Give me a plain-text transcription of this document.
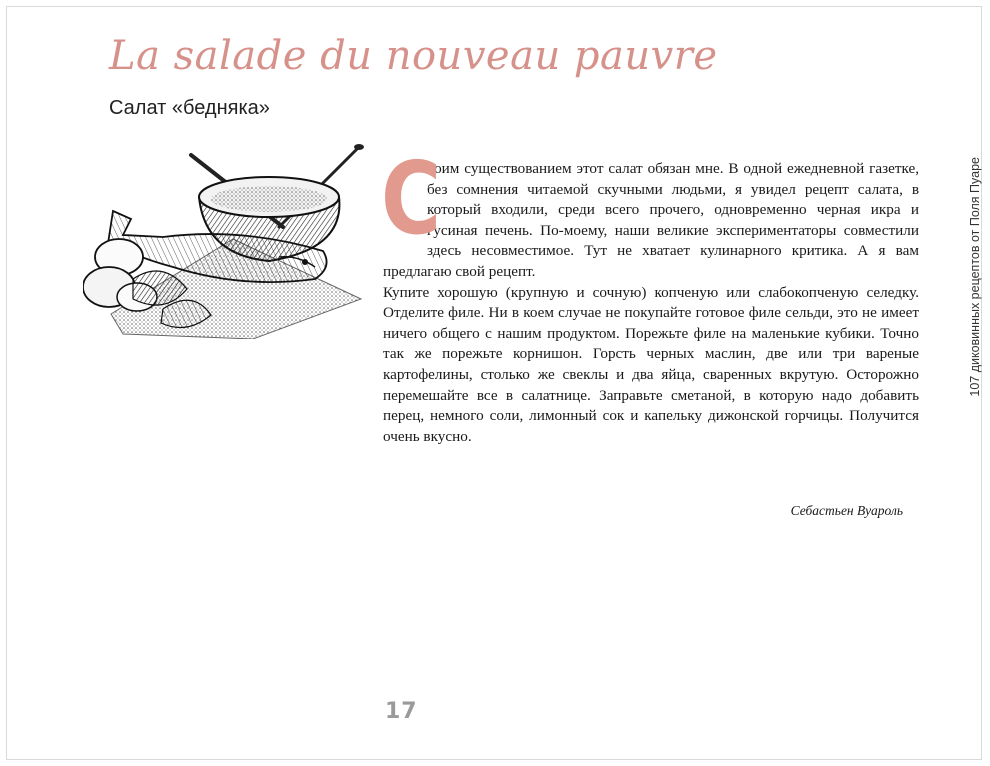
La salade du nouveau pauvre
Салат «бедняка»
С

воим существованием этот салат обязан мне. В одной ежедневной газетке, без сомнения читаемой скучными людьми, я увидел рецепт салата, в который входили, среди всего прочего, одновременно черная икра и гусиная печень. По-моему, наши великие экспериментаторы совместили здесь несовместимое. Тут не хватает кулинарного критика. А я вам предлагаю свой рецепт.

Купите хорошую (крупную и сочную) копченую или слабокопченую селедку. Отделите филе. Ни в коем случае не покупайте готовое филе сельди, это не имеет ничего общего с нашим продуктом. Порежьте филе на маленькие кубики. Точно так же порежьте корнишон. Горсть черных маслин, две или три вареные картофелины, столько же свеклы и два яйца, сваренных вкрутую. Осторожно перемешайте все в салатнице. Заправьте сметаной, в которую надо добавить перец, немного соли, лимонный сок и капельку дижонской горчицы. Получится очень вкусно.

Себастьен Вуароль
17
107 диковинных рецептов от Поля Пуаре
